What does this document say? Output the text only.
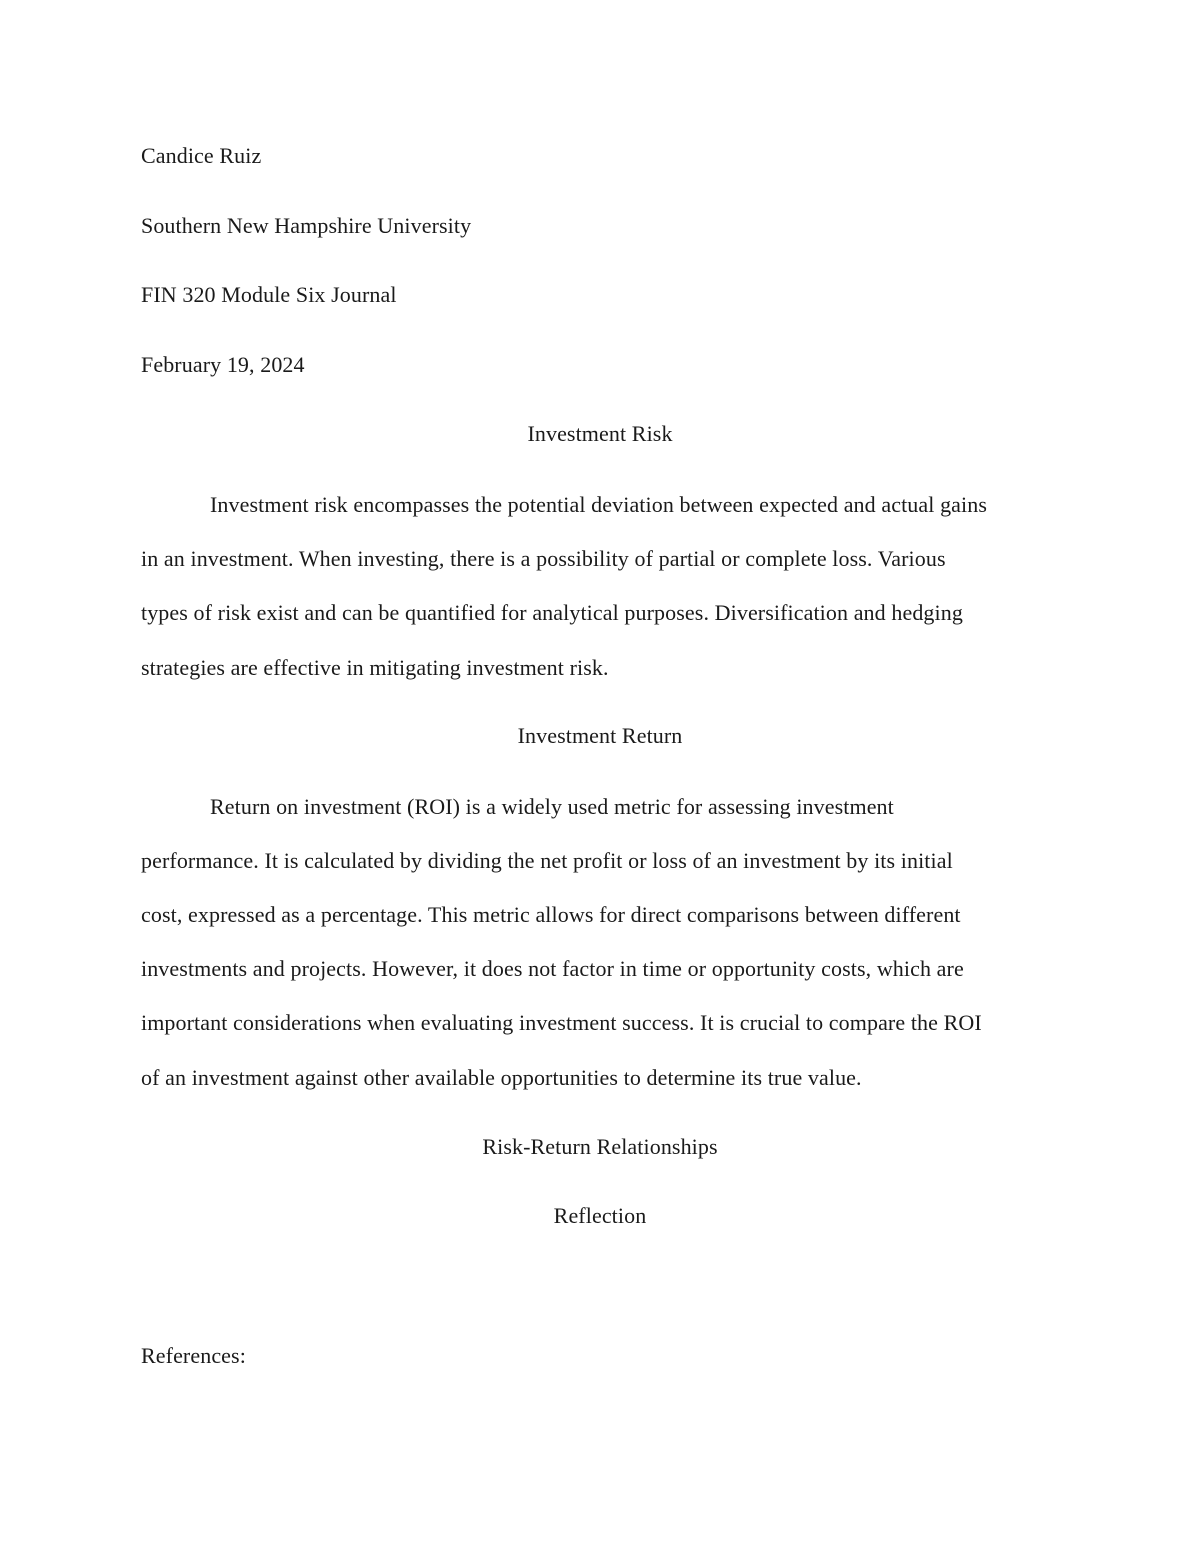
Candice Ruiz
Southern New Hampshire University
FIN 320 Module Six Journal
February 19, 2024
Investment Risk
Investment risk encompasses the potential deviation between expected and actual gains
in an investment. When investing, there is a possibility of partial or complete loss. Various
types of risk exist and can be quantified for analytical purposes. Diversification and hedging
strategies are effective in mitigating investment risk.
Investment Return
Return on investment (ROI) is a widely used metric for assessing investment
performance. It is calculated by dividing the net profit or loss of an investment by its initial
cost, expressed as a percentage. This metric allows for direct comparisons between different
investments and projects. However, it does not factor in time or opportunity costs, which are
important considerations when evaluating investment success. It is crucial to compare the ROI
of an investment against other available opportunities to determine its true value.
Risk-Return Relationships
Reflection
References:
